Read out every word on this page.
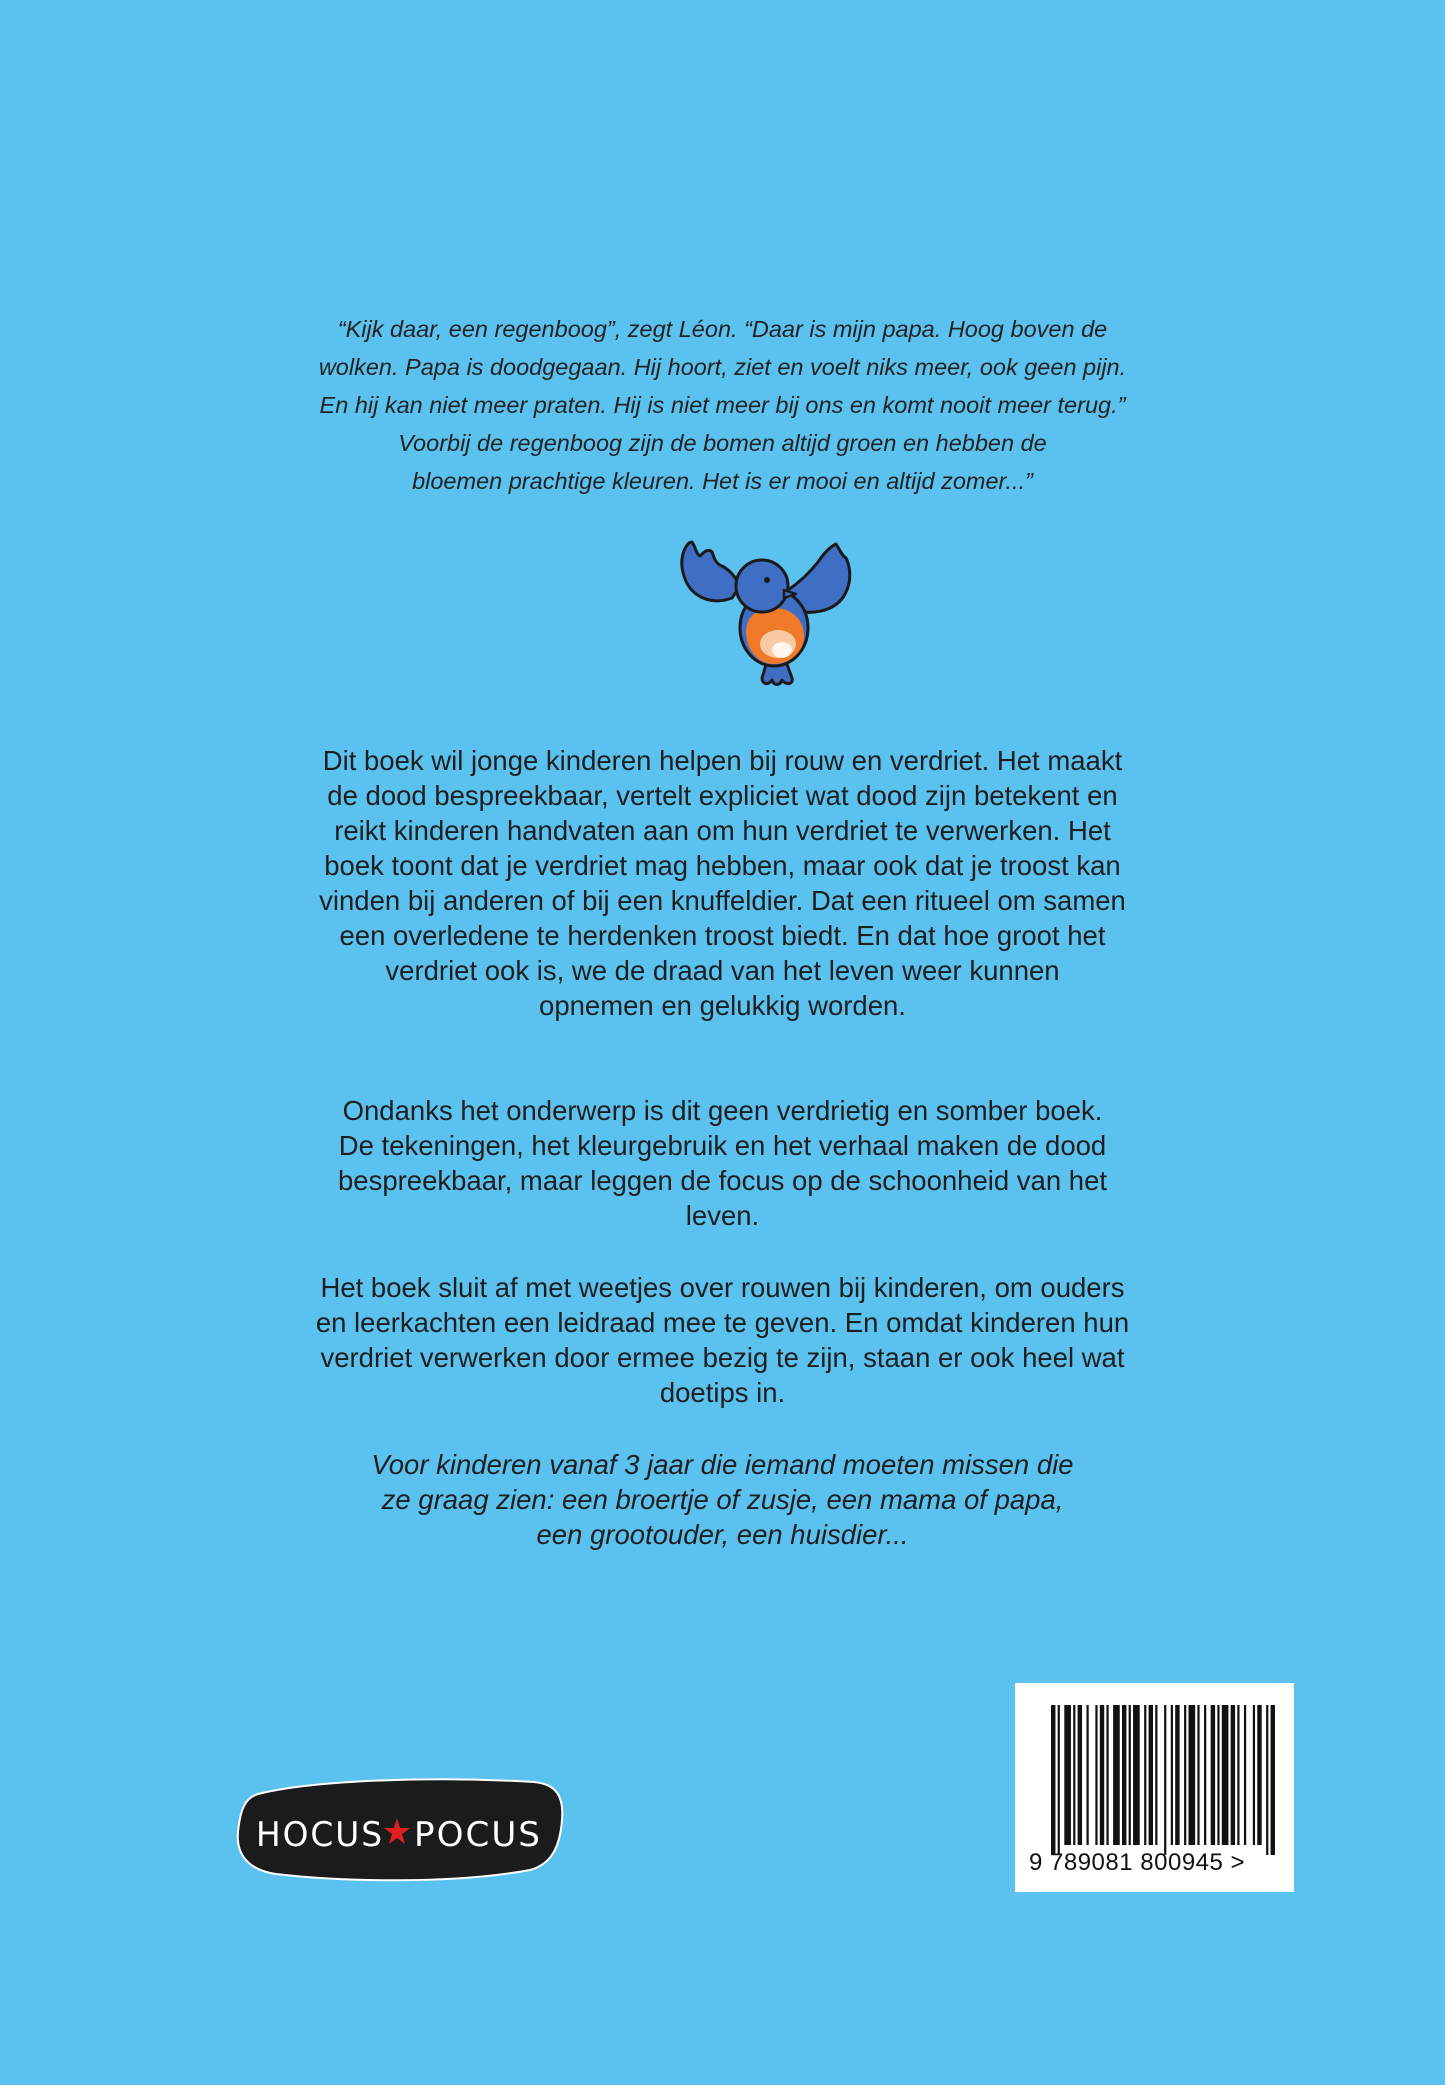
“Kijk daar, een regenboog”, zegt Léon. “Daar is mijn papa. Hoog boven de
wolken. Papa is doodgegaan. Hij hoort, ziet en voelt niks meer, ook geen pijn.
En hij kan niet meer praten. Hij is niet meer bij ons en komt nooit meer terug.”
Voorbij de regenboog zijn de bomen altijd groen en hebben de
bloemen prachtige kleuren. Het is er mooi en altijd zomer...”
Dit boek wil jonge kinderen helpen bij rouw en verdriet. Het maakt
de dood bespreekbaar, vertelt expliciet wat dood zijn betekent en
reikt kinderen handvaten aan om hun verdriet te verwerken. Het
boek toont dat je verdriet mag hebben, maar ook dat je troost kan
vinden bij anderen of bij een knuffeldier. Dat een ritueel om samen
een overledene te herdenken troost biedt. En dat hoe groot het
verdriet ook is, we de draad van het leven weer kunnen
opnemen en gelukkig worden.
Ondanks het onderwerp is dit geen verdrietig en somber boek.
De tekeningen, het kleurgebruik en het verhaal maken de dood
bespreekbaar, maar leggen de focus op de schoonheid van het
leven.
Het boek sluit af met weetjes over rouwen bij kinderen, om ouders
en leerkachten een leidraad mee te geven. En omdat kinderen hun
verdriet verwerken door ermee bezig te zijn, staan er ook heel wat
doetips in.
Voor kinderen vanaf 3 jaar die iemand moeten missen die
ze graag zien: een broertje of zusje, een mama of papa,
een grootouder, een huisdier...
HOCUS POCUS
9 789081 800945 >
